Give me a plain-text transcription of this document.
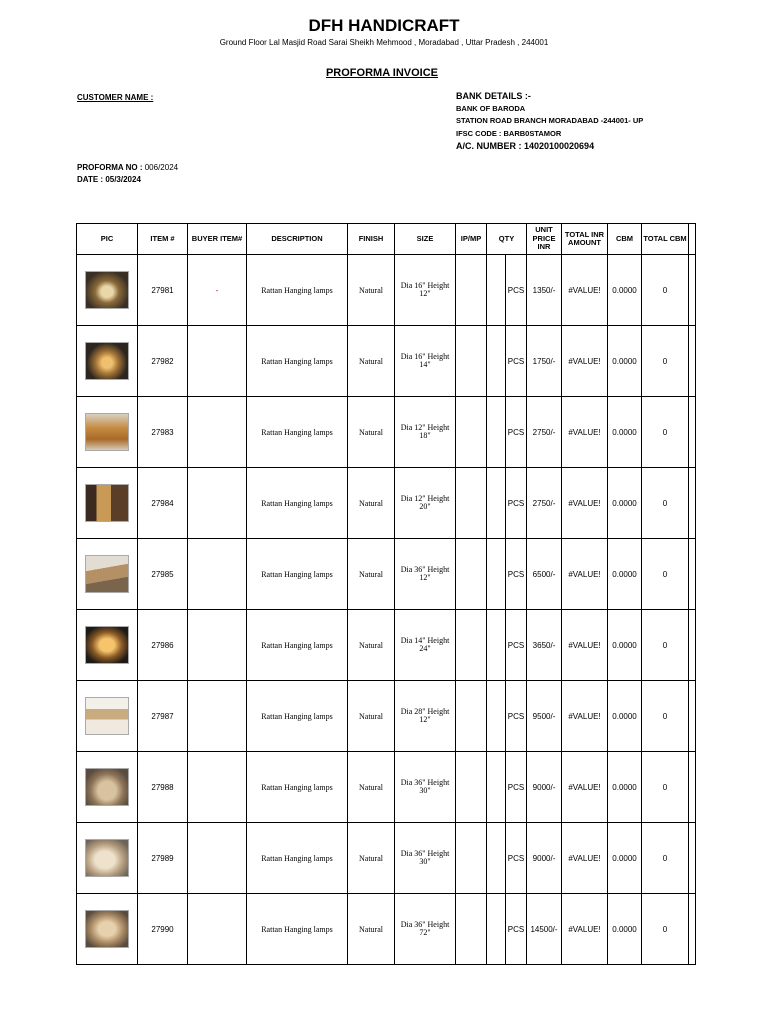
DFH HANDICRAFT
Ground Floor Lal Masjid Road Sarai Sheikh Mehmood , Moradabad , Uttar Pradesh , 244001
PROFORMA INVOICE
CUSTOMER NAME :	BANK DETAILS :-
BANK OF BARODA
STATION ROAD BRANCH MORADABAD -244001- UP
IFSC CODE : BARB0STAMOR
A/C. NUMBER : 14020100020694
PROFORMA NO : 006/2024
DATE : 05/3/2024
PIC	ITEM #	BUYER ITEM#	DESCRIPTION	FINISH	SIZE	IP/MP	QTY		UNIT PRICE INR	TOTAL INR AMOUNT	CBM	TOTAL CBM	

	27981	-	Rattan Hanging lamps	Natural	Dia 16" Height 12"			PCS	1350/-	#VALUE!	0.0000	0	

	27982		Rattan Hanging lamps	Natural	Dia 16" Height 14"			PCS	1750/-	#VALUE!	0.0000	0	

	27983		Rattan Hanging lamps	Natural	Dia 12" Height 18"			PCS	2750/-	#VALUE!	0.0000	0	

	27984		Rattan Hanging lamps	Natural	Dia 12" Height 20"			PCS	2750/-	#VALUE!	0.0000	0	

	27985		Rattan Hanging lamps	Natural	Dia 36" Height 12"			PCS	6500/-	#VALUE!	0.0000	0	

	27986		Rattan Hanging lamps	Natural	Dia 14" Height 24"			PCS	3650/-	#VALUE!	0.0000	0	

	27987		Rattan Hanging lamps	Natural	Dia 28" Height 12"			PCS	9500/-	#VALUE!	0.0000	0	

	27988		Rattan Hanging lamps	Natural	Dia 36" Height 30"			PCS	9000/-	#VALUE!	0.0000	0	

	27989		Rattan Hanging lamps	Natural	Dia 36" Height 30"			PCS	9000/-	#VALUE!	0.0000	0	

	27990		Rattan Hanging lamps	Natural	Dia 36" Height 72"			PCS	14500/-	#VALUE!	0.0000	0	
